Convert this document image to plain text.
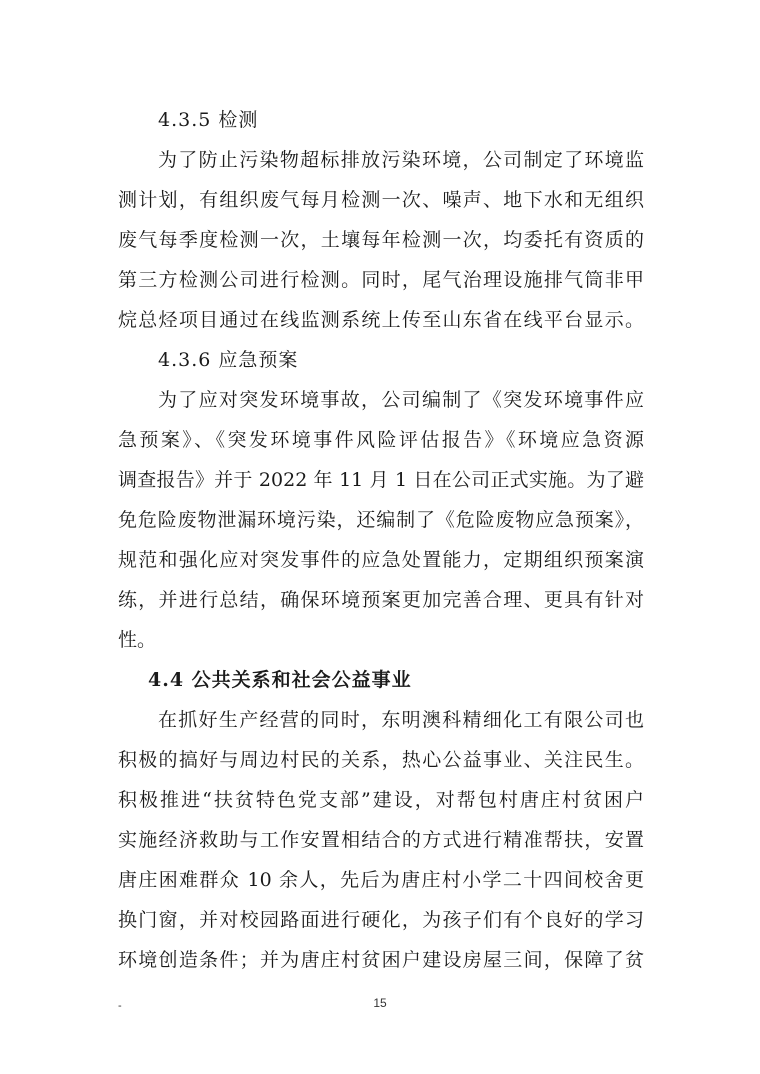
4.3.5 检测
为了防止污染物超标排放污染环境，公司制定了环境监
测计划，有组织废气每月检测一次、噪声、地下水和无组织
废气每季度检测一次，土壤每年检测一次，均委托有资质的
第三方检测公司进行检测。同时，尾气治理设施排气筒非甲
烷总烃项目通过在线监测系统上传至山东省在线平台显示。
4.3.6 应急预案
为了应对突发环境事故，公司编制了《突发环境事件应
急预案》、《突发环境事件风险评估报告》《环境应急资源
调查报告》并于 2022 年 11 月 1 日在公司正式实施。为了避
免危险废物泄漏环境污染，还编制了《危险废物应急预案》，
规范和强化应对突发事件的应急处置能力，定期组织预案演
练，并进行总结，确保环境预案更加完善合理、更具有针对
性。
4.4 公共关系和社会公益事业
在抓好生产经营的同时，东明澳科精细化工有限公司也
积极的搞好与周边村民的关系，热心公益事业、关注民生。
积极推进“扶贫特色党支部”建设，对帮包村唐庄村贫困户
实施经济救助与工作安置相结合的方式进行精准帮扶，安置
唐庄困难群众 10 余人，先后为唐庄村小学二十四间校舍更
换门窗，并对校园路面进行硬化，为孩子们有个良好的学习
环境创造条件；并为唐庄村贫困户建设房屋三间，保障了贫
-	15
